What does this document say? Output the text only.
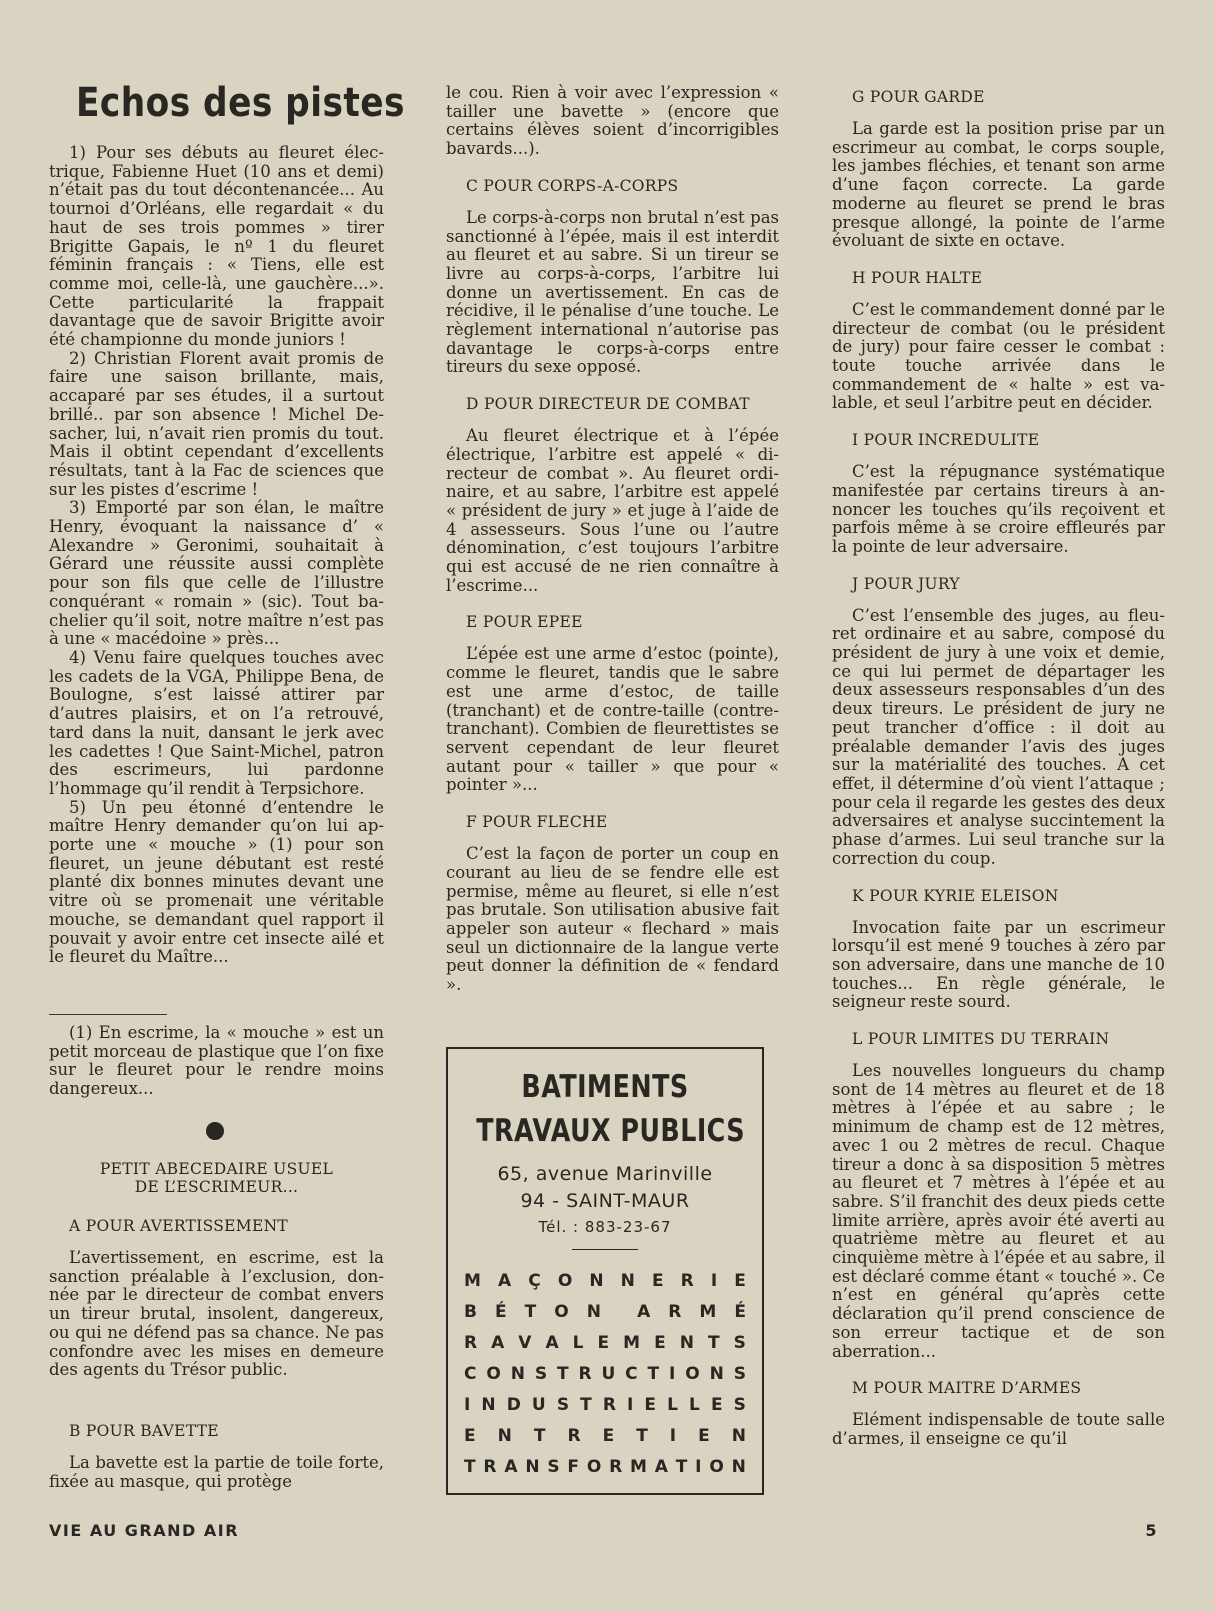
Echos des pistes

1) Pour ses débuts au fleuret électrique, Fabienne Huet (10 ans et demi) n’était pas du tout décontenancée... Au tournoi d’Orléans, elle regardait « du haut de ses trois pommes » tirer Brigitte Gapais, le nº 1 du fleuret féminin français : « Tiens, elle est comme moi, celle-là, une gauchère...». Cette particularité la frappait davantage que de savoir Brigitte avoir été championne du monde juniors !

2) Christian Florent avait promis de faire une saison brillante, mais, accaparé par ses études, il a surtout brillé.. par son absence ! Michel Desacher, lui, n’avait rien promis du tout. Mais il obtint cependant d’excellents résultats, tant à la Fac de sciences que sur les pistes d’escrime !

3) Emporté par son élan, le maître Henry, évoquant la naissance d’ « Alexandre » Geronimi, souhaitait à Gérard une réussite aussi complète pour son fils que celle de l’illustre conquérant « romain » (sic). Tout bachelier qu’il soit, notre maître n’est pas à une « macédoine » près...

4) Venu faire quelques touches avec les cadets de la VGA, Philippe Bena, de Boulogne, s’est laissé attirer par d’autres plaisirs, et on l’a retrouvé, tard dans la nuit, dansant le jerk avec les cadettes ! Que Saint-Michel, patron des escrimeurs, lui pardonne l’hommage qu’il rendit à Terpsichore.

5) Un peu étonné d’entendre le maître Henry demander qu’on lui apporte une « mouche » (1) pour son fleuret, un jeune débutant est resté planté dix bonnes minutes devant une vitre où se promenait une véritable mouche, se demandant quel rapport il pouvait y avoir entre cet insecte ailé et le fleuret du Maître...

(1) En escrime, la « mouche » est un petit morceau de plastique que l’on fixe sur le fleuret pour le rendre moins dangereux...

PETIT ABECEDAIRE USUEL

DE L’ESCRIMEUR...

A POUR AVERTISSEMENT

L’avertissement, en escrime, est la sanction préalable à l’exclusion, donnée par le directeur de combat envers un tireur brutal, insolent, dangereux, ou qui ne défend pas sa chance. Ne pas confondre avec les mises en demeure des agents du Trésor public.

B POUR BAVETTE

La bavette est la partie de toile forte, fixée au masque, qui protège

le cou. Rien à voir avec l’expression « tailler une bavette » (encore que certains élèves soient d’incorrigibles bavards...).

C POUR CORPS-A-CORPS

Le corps-à-corps non brutal n’est pas sanctionné à l’épée, mais il est interdit au fleuret et au sabre. Si un tireur se livre au corps-à-corps, l’arbitre lui donne un avertissement. En cas de récidive, il le pénalise d’une touche. Le règlement international n’autorise pas davantage le corps-à-corps entre tireurs du sexe opposé.

D POUR DIRECTEUR DE COMBAT

Au fleuret électrique et à l’épée électrique, l’arbitre est appelé « directeur de combat ». Au fleuret ordinaire, et au sabre, l’arbitre est appelé « président de jury » et juge à l’aide de 4 assesseurs. Sous l’une ou l’autre dénomination, c’est toujours l’arbitre qui est accusé de ne rien connaître à l’escrime...

E POUR EPEE

L’épée est une arme d’estoc (pointe), comme le fleuret, tandis que le sabre est une arme d’estoc, de taille (tranchant) et de contre-taille (contre-tranchant). Combien de fleurettistes se servent cependant de leur fleuret autant pour « tailler » que pour « pointer »...

F POUR FLECHE

C’est la façon de porter un coup en courant au lieu de se fendre elle est permise, même au fleuret, si elle n’est pas brutale. Son utilisation abusive fait appeler son auteur « flechard » mais seul un dictionnaire de la langue verte peut donner la définition de « fendard ».

BATIMENTS
TRAVAUX PUBLICS
65, avenue Marinville
94 - SAINT-MAUR
Tél. : 883-23-67
M A Ç O N N E R I E
B É T O N A R M É
R A V A L E M E N T S
C O N S T R U C T I O N S
I N D U S T R I E L L E S
E N T R E T I E N
T R A N S F O R M A T I O N

G POUR GARDE

La garde est la position prise par un escrimeur au combat, le corps souple, les jambes fléchies, et tenant son arme d’une façon correcte. La garde moderne au fleuret se prend le bras presque allongé, la pointe de l’arme évoluant de sixte en octave.

H POUR HALTE

C’est le commandement donné par le directeur de combat (ou le président de jury) pour faire cesser le combat : toute touche arrivée dans le commandement de « halte » est valable, et seul l’arbitre peut en décider.

I POUR INCREDULITE

C’est la répugnance systématique manifestée par certains tireurs à annoncer les touches qu’ils reçoivent et parfois même à se croire effleurés par la pointe de leur adversaire.

J POUR JURY

C’est l’ensemble des juges, au fleuret ordinaire et au sabre, composé du président de jury à une voix et demie, ce qui lui permet de départager les deux assesseurs responsables d’un des deux tireurs. Le président de jury ne peut trancher d’office : il doit au préalable demander l’avis des juges sur la matérialité des touches. A cet effet, il détermine d’où vient l’attaque ; pour cela il regarde les gestes des deux adversaires et analyse succintement la phase d’armes. Lui seul tranche sur la correction du coup.

K POUR KYRIE ELEISON

Invocation faite par un escrimeur lorsqu’il est mené 9 touches à zéro par son adversaire, dans une manche de 10 touches... En règle générale, le seigneur reste sourd.

L POUR LIMITES DU TERRAIN

Les nouvelles longueurs du champ sont de 14 mètres au fleuret et de 18 mètres à l’épée et au sabre ; le minimum de champ est de 12 mètres, avec 1 ou 2 mètres de recul. Chaque tireur a donc à sa disposition 5 mètres au fleuret et 7 mètres à l’épée et au sabre. S’il franchit des deux pieds cette limite arrière, après avoir été averti au quatrième mètre au fleuret et au cinquième mètre à l’épée et au sabre, il est déclaré comme étant « touché ». Ce n’est en général qu’après cette déclaration qu’il prend conscience de son erreur tactique et de son aberration...

M POUR MAITRE D’ARMES

Elément indispensable de toute salle d’armes, il enseigne ce qu’il

VIE AU GRAND AIR	5
